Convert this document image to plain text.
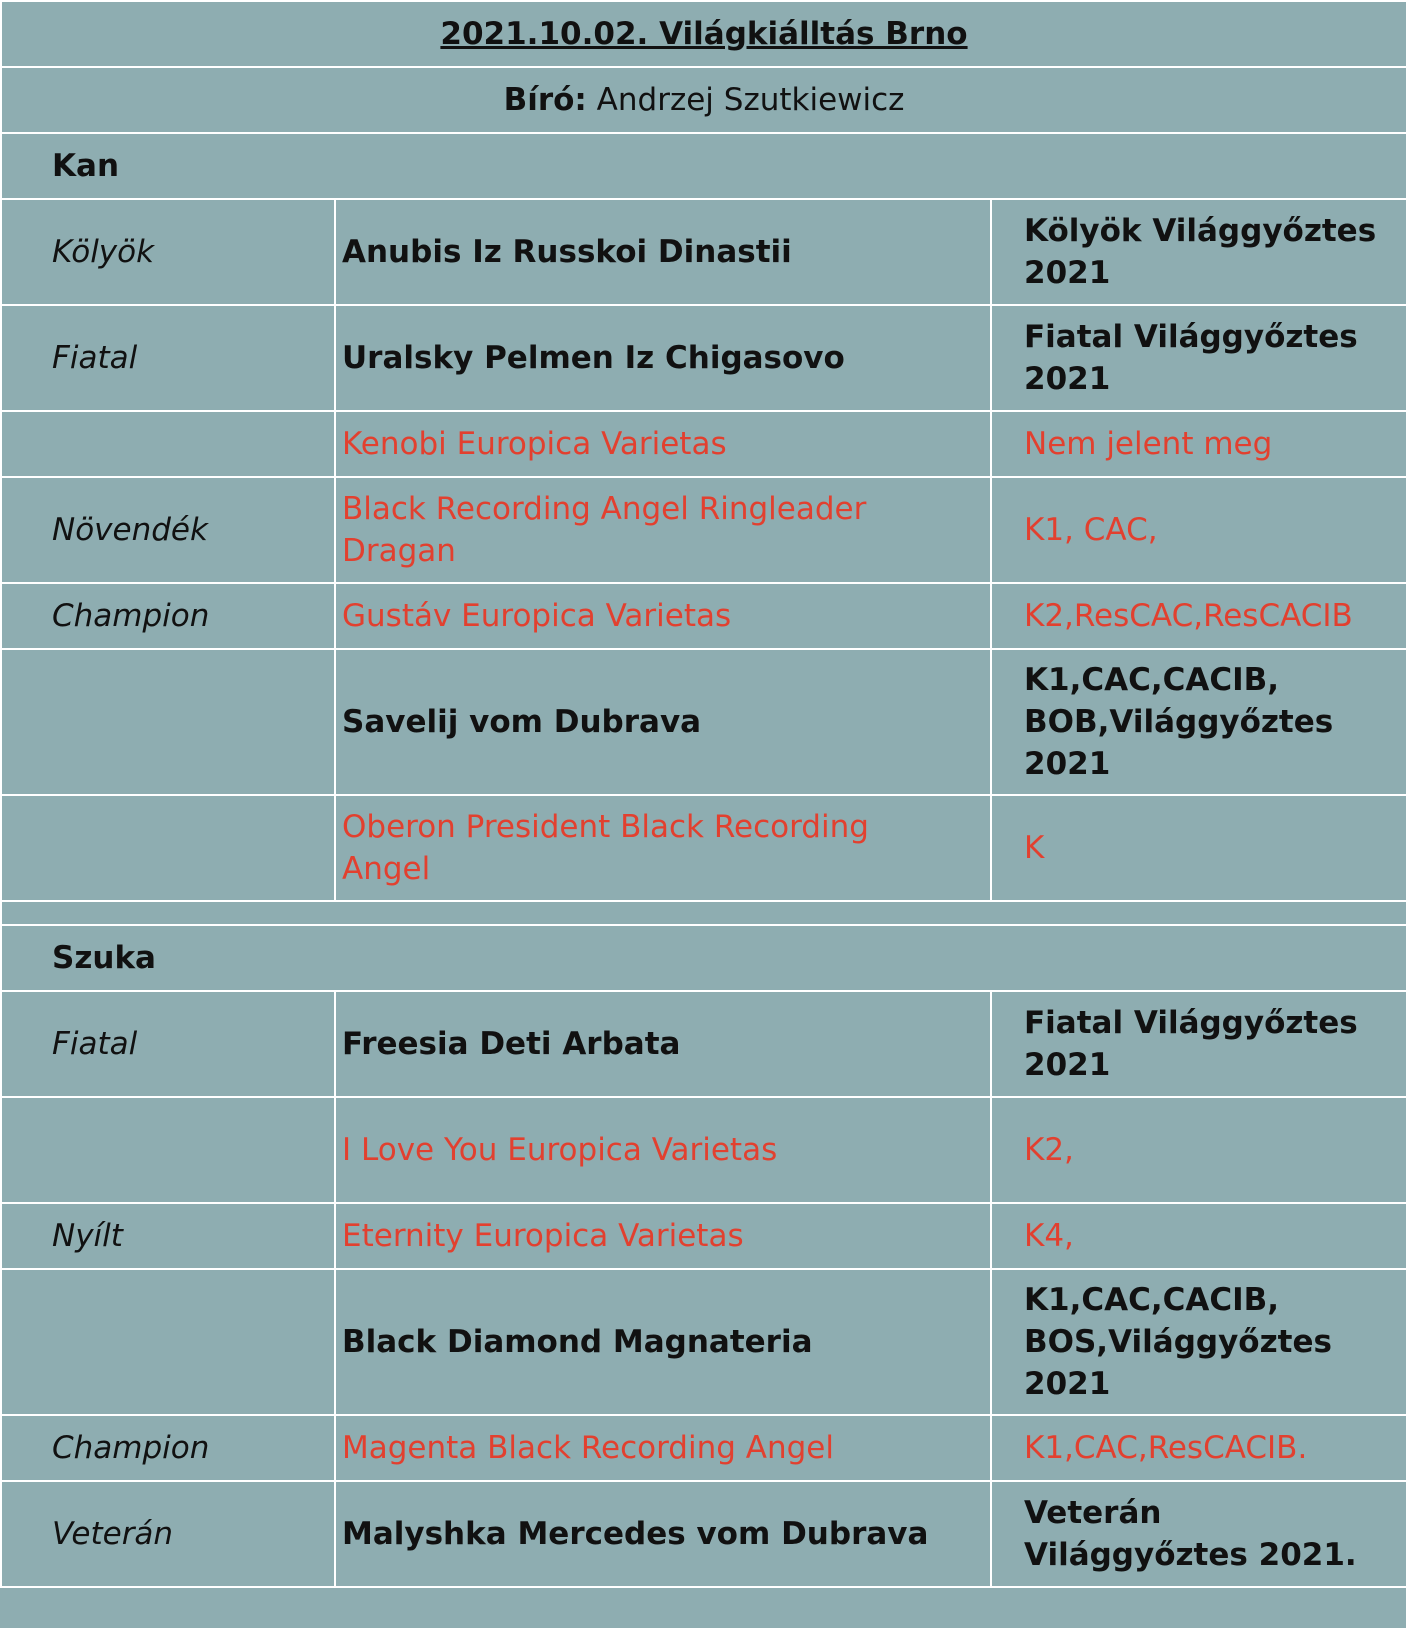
2021.10.02. Világkiálltás Brno		
Bíró: Andrzej Szutkiewicz		
Kan		
Kölyök	Anubis Iz Russkoi Dinastii	Kölyök Világgyőztes 2021
Fiatal	Uralsky Pelmen Iz Chigasovo	Fiatal Világgyőztes 2021
	Kenobi Europica Varietas	Nem jelent meg
Növendék	Black Recording Angel Ringleader Dragan	K1, CAC,
Champion	Gustáv Europica Varietas	K2,ResCAC,ResCACIB
	Savelij vom Dubrava	K1,CAC,CACIB, BOB,Világgyőztes 2021
	Oberon President Black Recording Angel	K

Szuka		
Fiatal	Freesia Deti Arbata	Fiatal Világgyőztes 2021
	I Love You Europica Varietas	K2,
Nyílt	Eternity Europica Varietas	K4,
	Black Diamond Magnateria	K1,CAC,CACIB, BOS,Világgyőztes 2021
Champion	Magenta Black Recording Angel	K1,CAC,ResCACIB.
Veterán	Malyshka Mercedes vom Dubrava	Veterán Világgyőztes 2021.
